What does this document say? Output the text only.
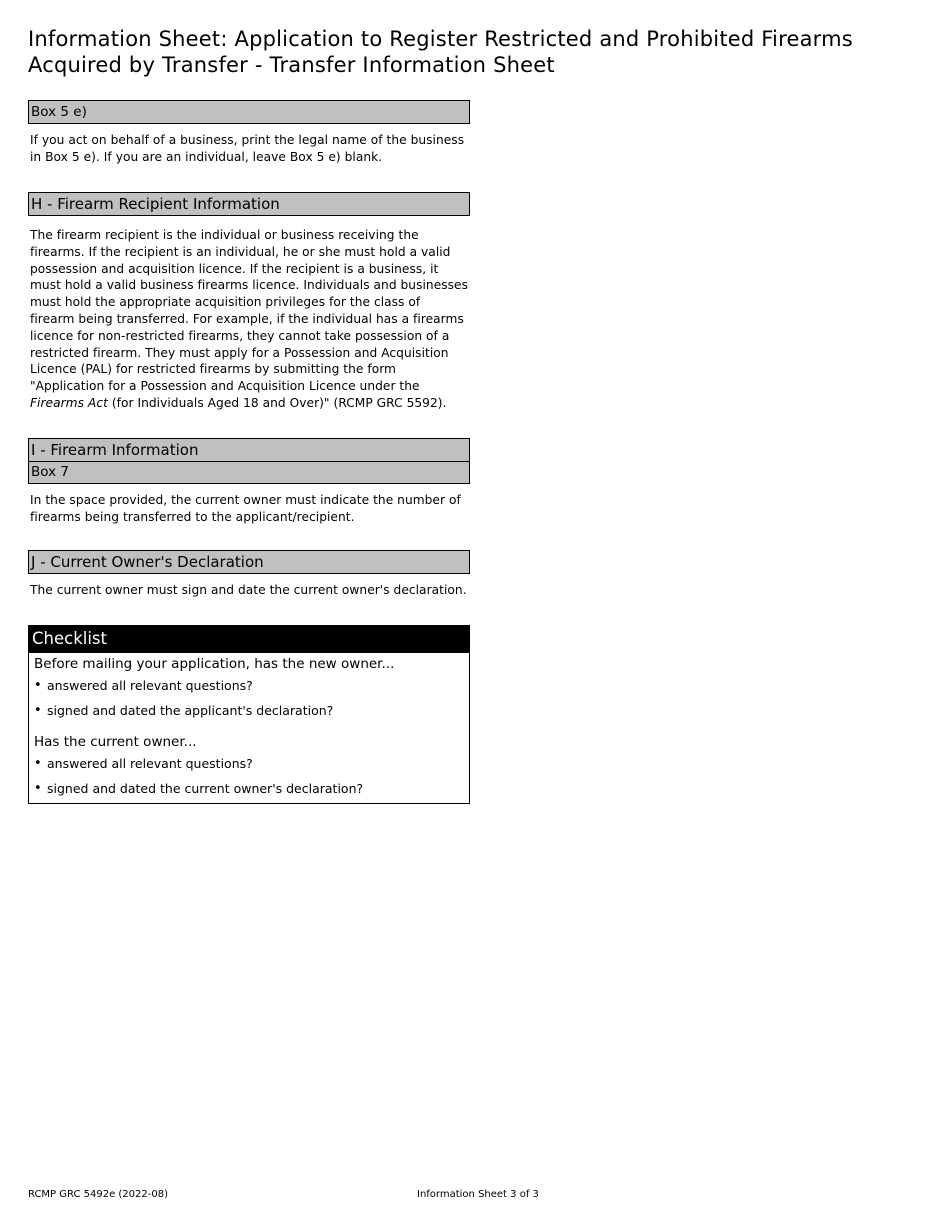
Information Sheet: Application to Register Restricted and Prohibited Firearms
Acquired by Transfer - Transfer Information Sheet
Box 5 e)

If you act on behalf of a business, print the legal name of the business in Box 5 e). If you are an individual, leave Box 5 e) blank.

H - Firearm Recipient Information

The firearm recipient is the individual or business receiving the firearms. If the recipient is an individual, he or she must hold a valid possession and acquisition licence. If the recipient is a business, it must hold a valid business firearms licence. Individuals and businesses must hold the appropriate acquisition privileges for the class of firearm being transferred. For example, if the individual has a firearms licence for non-restricted firearms, they cannot take possession of a restricted firearm. They must apply for a Possession and Acquisition Licence (PAL) for restricted firearms by submitting the form "Application for a Possession and Acquisition Licence under the Firearms Act (for Individuals Aged 18 and Over)" (RCMP GRC 5592).

I - Firearm Information
Box 7

In the space provided, the current owner must indicate the number of firearms being transferred to the applicant/recipient.

J - Current Owner's Declaration

The current owner must sign and date the current owner's declaration.

Checklist

Before mailing your application, has the new owner...

• answered all relevant questions?
• signed and dated the applicant's declaration?

Has the current owner...

• answered all relevant questions?
• signed and dated the current owner's declaration?
RCMP GRC 5492e (2022-08)	Information Sheet 3 of 3
